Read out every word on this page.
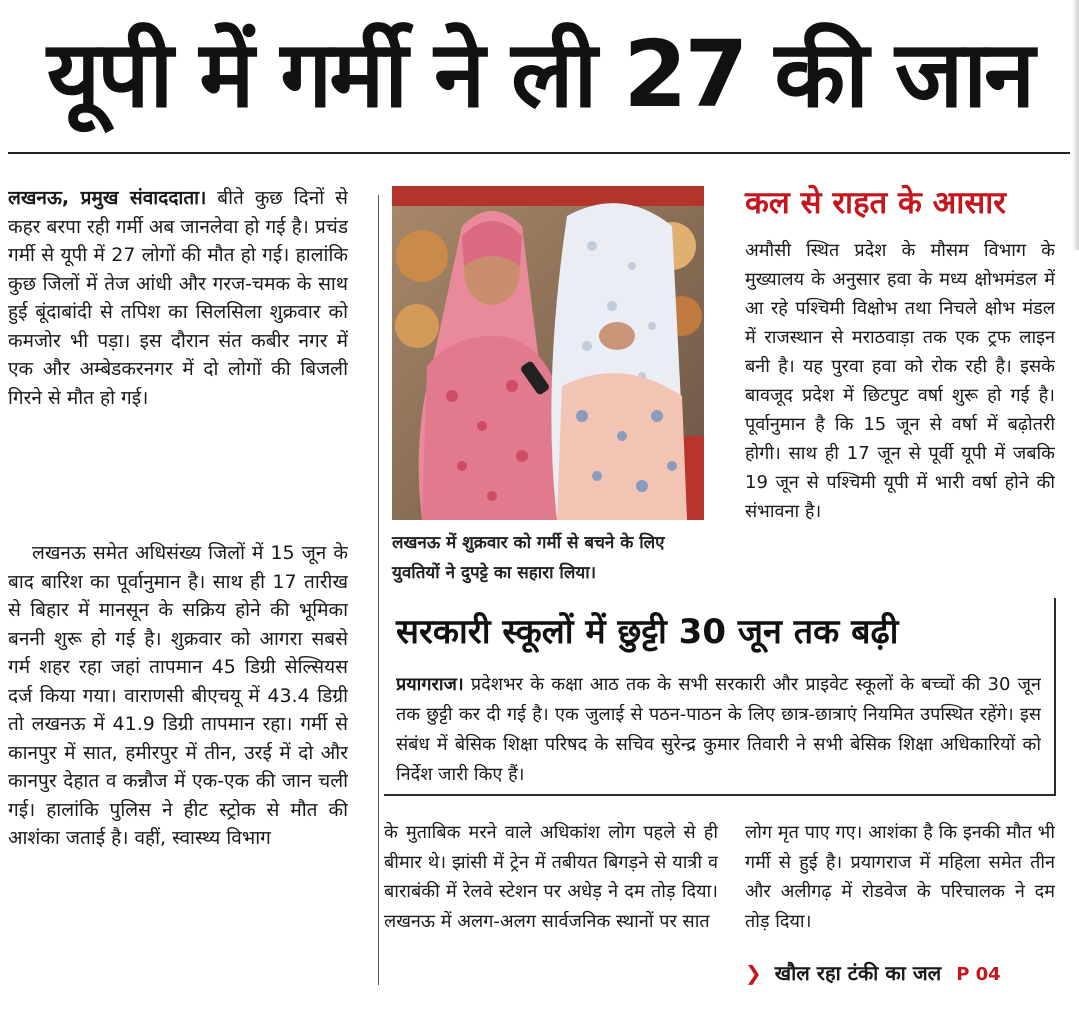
यूपी में गर्मी ने ली 27 की जान

लखनऊ, प्रमुख संवाददाता। बीते कुछ दिनों से कहर बरपा रही गर्मी अब जानलेवा हो गई है। प्रचंड गर्मी से यूपी में 27 लोगों की मौत हो गई। हालांकि कुछ जिलों में तेज आंधी और गरज-चमक के साथ हुई बूंदाबांदी से तपिश का सिलसिला शुक्रवार को कमजोर भी पड़ा। इस दौरान संत कबीर नगर में एक और अम्बेडकरनगर में दो लोगों की बिजली गिरने से मौत हो गई।

लखनऊ समेत अधिसंख्य जिलों में 15 जून के बाद बारिश का पूर्वानुमान है। साथ ही 17 तारीख से बिहार में मानसून के सक्रिय होने की भूमिका बननी शुरू हो गई है। शुक्रवार को आगरा सबसे गर्म शहर रहा जहां तापमान 45 डिग्री सेल्सियस दर्ज किया गया। वाराणसी बीएचयू में 43.4 डिग्री तो लखनऊ में 41.9 डिग्री तापमान रहा। गर्मी से कानपुर में सात, हमीरपुर में तीन, उरई में दो और कानपुर देहात व कन्नौज में एक-एक की जान चली गई। हालांकि पुलिस ने हीट स्ट्रोक से मौत की आशंका जताई है। वहीं, स्वास्थ्य विभाग

लखनऊ में शुक्रवार को गर्मी से बचने के लिए युवतियों ने दुपट्टे का सहारा लिया।
कल से राहत के आसार
अमौसी स्थित प्रदेश के मौसम विभाग के मुख्यालय के अनुसार हवा के मध्य क्षोभमंडल में आ रहे पश्चिमी विक्षोभ तथा निचले क्षोभ मंडल में राजस्थान से मराठवाड़ा तक एक ट्रफ लाइन बनी है। यह पुरवा हवा को रोक रही है। इसके बावजूद प्रदेश में छिटपुट वर्षा शुरू हो गई है। पूर्वानुमान है कि 15 जून से वर्षा में बढ़ोतरी होगी। साथ ही 17 जून से पूर्वी यूपी में जबकि 19 जून से पश्चिमी यूपी में भारी वर्षा होने की संभावना है।
सरकारी स्कूलों में छुट्टी 30 जून तक बढ़ी
प्रयागराज। प्रदेशभर के कक्षा आठ तक के सभी सरकारी और प्राइवेट स्कूलों के बच्चों की 30 जून तक छुट्टी कर दी गई है। एक जुलाई से पठन-पाठन के लिए छात्र-छात्राएं नियमित उपस्थित रहेंगे। इस संबंध में बेसिक शिक्षा परिषद के सचिव सुरेन्द्र कुमार तिवारी ने सभी बेसिक शिक्षा अधिकारियों को निर्देश जारी किए हैं।
के मुताबिक मरने वाले अधिकांश लोग पहले से ही बीमार थे। झांसी में ट्रेन में तबीयत बिगड़ने से यात्री व बाराबंकी में रेलवे स्टेशन पर अधेड़ ने दम तोड़ दिया। लखनऊ में अलग-अलग सार्वजनिक स्थानों पर सात
लोग मृत पाए गए। आशंका है कि इनकी मौत भी गर्मी से हुई है। प्रयागराज में महिला समेत तीन और अलीगढ़ में रोडवेज के परिचालक ने दम तोड़ दिया।
❯ खौल रहा टंकी का जल P 04
